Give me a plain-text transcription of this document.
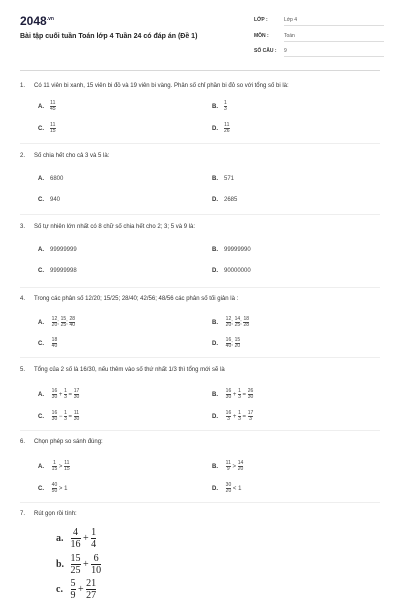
$2048^{.vn}$
Bài tập cuối tuần Toán lớp 4 Tuần 24 có đáp án (Đề 1)
LỚP :	Lớp 4
MÔN :	Toán
SỐ CÂU :	9
1. Có 11 viên bi xanh, 15 viên bi đỏ và 19 viên bi vàng. Phân số chỉ phần bi đỏ so với tổng số bi là:
A. $\frac{11}{45}$	B. $\frac{1}{3}$
C. $\frac{11}{15}$	D. $\frac{11}{26}$
2. Số chia hết cho cả 3 và 5 là:
A. 6800	B. 571
C. 940	D. 2685
3. Số tự nhiên lớn nhất có 8 chữ số chia hết cho 2; 3; 5 và 9 là:
A. 99999999	B. 99999990
C. 99999998	D. 90000000
4. Trong các phân số 12/20; 15/25; 28/40; 42/56; 48/56 các phân số tối giản là :
A. $\frac{12}{20}$ ; $\frac{15}{25}$ ; $\frac{28}{40}$	B. $\frac{12}{20}$ ; $\frac{14}{25}$ ; $\frac{18}{28}$
C. $\frac{18}{40}$	D. $\frac{16}{40}$ ; $\frac{15}{20}$
5. Tổng của 2 số là 16/30, nếu thêm vào số thứ nhất 1/3 thì tổng mới sẽ là
A. $\frac{16}{30} + \frac{1}{3} = \frac{17}{30}$	B. $\frac{16}{30} + \frac{1}{3} = \frac{26}{30}$
C. $\frac{16}{30} - \frac{1}{3} = \frac{11}{30}$	D. $\frac{16}{3} + \frac{1}{3} = \frac{17}{3}$
6. Chọn phép so sánh đúng:
A. $\frac{1}{15} > \frac{11}{15}$	B. $\frac{11}{9} > \frac{14}{20}$
C. $\frac{40}{50} > 1$	D. $\frac{30}{20} < 1$
7. Rút gọn rồi tính:
a. $\frac{4}{16} + \frac{1}{4}$
b. $\frac{15}{25} + \frac{6}{10}$
c. $\frac{5}{9} + \frac{21}{27}$
